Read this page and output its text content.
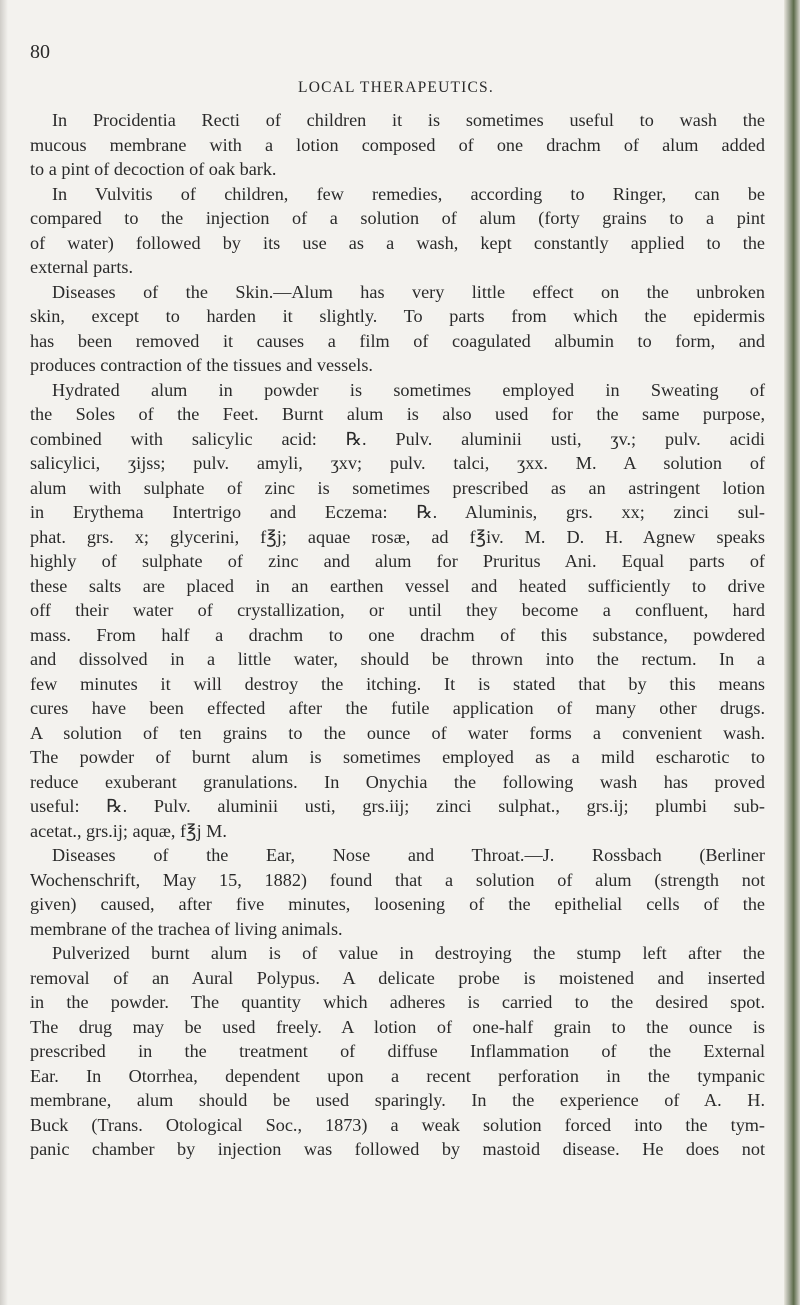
80
LOCAL THERAPEUTICS.
In Procidentia Recti of children it is sometimes useful to wash the
mucous membrane with a lotion composed of one drachm of alum added
to a pint of decoction of oak bark.
In Vulvitis of children, few remedies, according to Ringer, can be
compared to the injection of a solution of alum (forty grains to a pint
of water) followed by its use as a wash, kept constantly applied to the
external parts.
Diseases of the Skin.—Alum has very little effect on the unbroken
skin, except to harden it slightly. To parts from which the epidermis
has been removed it causes a film of coagulated albumin to form, and
produces contraction of the tissues and vessels.
Hydrated alum in powder is sometimes employed in Sweating of
the Soles of the Feet. Burnt alum is also used for the same purpose,
combined with salicylic acid: ℞. Pulv. aluminii usti, ʒv.; pulv. acidi
salicylici, ʒijss; pulv. amyli, ʒxv; pulv. talci, ʒxx. M. A solution of
alum with sulphate of zinc is sometimes prescribed as an astringent lotion
in Erythema Intertrigo and Eczema: ℞. Aluminis, grs. xx; zinci sul-
phat. grs. x; glycerini, f℥j; aquae rosæ, ad f℥iv. M. D. H. Agnew speaks
highly of sulphate of zinc and alum for Pruritus Ani. Equal parts of
these salts are placed in an earthen vessel and heated sufficiently to drive
off their water of crystallization, or until they become a confluent, hard
mass. From half a drachm to one drachm of this substance, powdered
and dissolved in a little water, should be thrown into the rectum. In a
few minutes it will destroy the itching. It is stated that by this means
cures have been effected after the futile application of many other drugs.
A solution of ten grains to the ounce of water forms a convenient wash.
The powder of burnt alum is sometimes employed as a mild escharotic to
reduce exuberant granulations. In Onychia the following wash has proved
useful: ℞. Pulv. aluminii usti, grs.iij; zinci sulphat., grs.ij; plumbi sub-
acetat., grs.ij; aquæ, f℥j M.
Diseases of the Ear, Nose and Throat.—J. Rossbach (Berliner
Wochenschrift, May 15, 1882) found that a solution of alum (strength not
given) caused, after five minutes, loosening of the epithelial cells of the
membrane of the trachea of living animals.
Pulverized burnt alum is of value in destroying the stump left after the
removal of an Aural Polypus. A delicate probe is moistened and inserted
in the powder. The quantity which adheres is carried to the desired spot.
The drug may be used freely. A lotion of one-half grain to the ounce is
prescribed in the treatment of diffuse Inflammation of the External
Ear. In Otorrhea, dependent upon a recent perforation in the tympanic
membrane, alum should be used sparingly. In the experience of A. H.
Buck (Trans. Otological Soc., 1873) a weak solution forced into the tym-
panic chamber by injection was followed by mastoid disease. He does not
